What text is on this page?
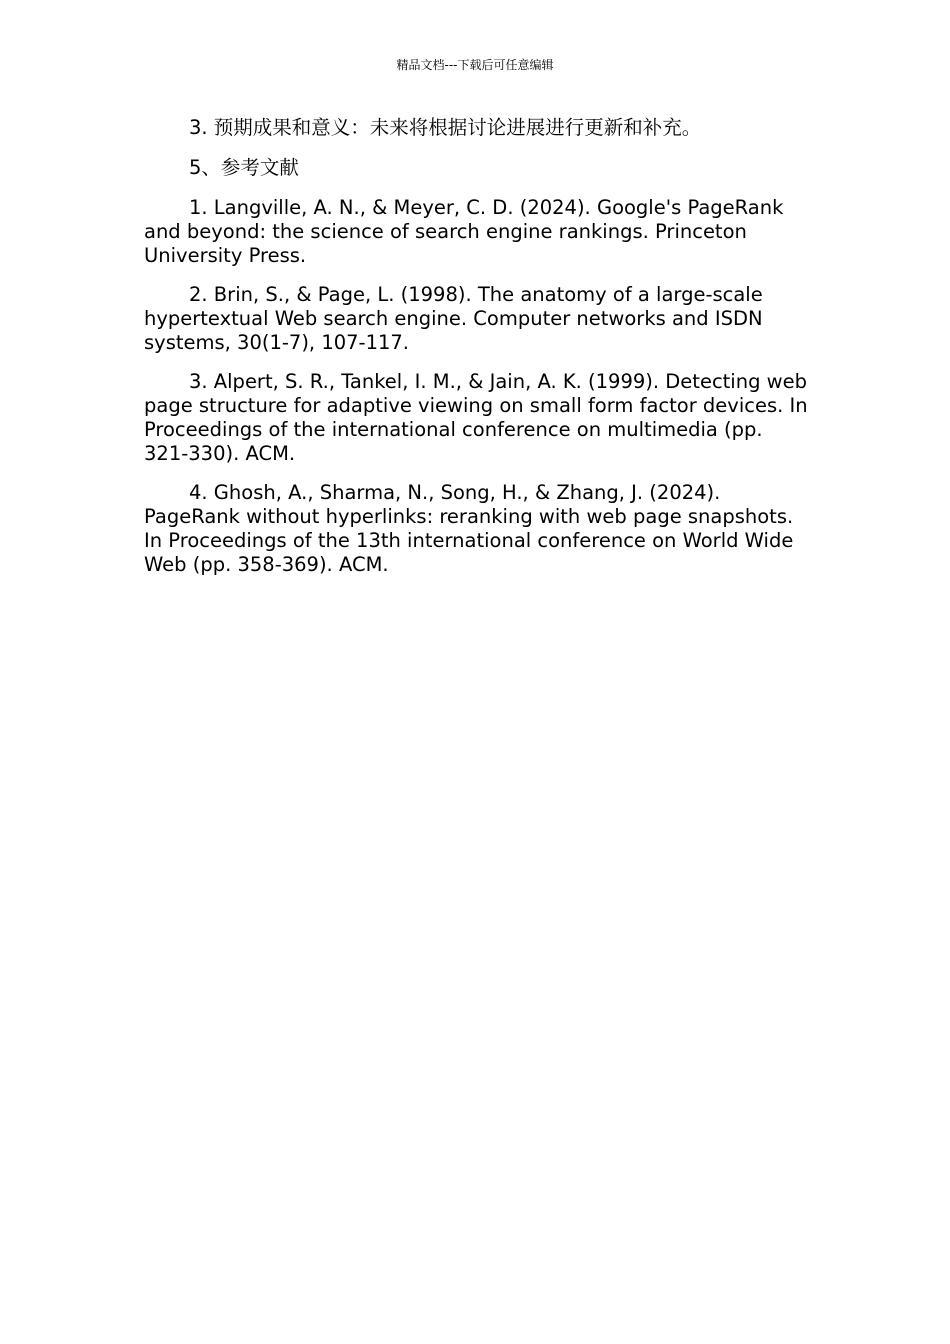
精品文档---下载后可任意编辑

3. 预期成果和意义：未来将根据讨论进展进行更新和补充。

5、参考文献

1. Langville, A. N., & Meyer, C. D. (2024). Google's PageRank and beyond: the science of search engine rankings. Princeton University Press.

2. Brin, S., & Page, L. (1998). The anatomy of a large-scale hypertextual Web search engine. Computer networks and ISDN systems, 30(1-7), 107-117.

3. Alpert, S. R., Tankel, I. M., & Jain, A. K. (1999). Detecting web page structure for adaptive viewing on small form factor devices. In Proceedings of the international conference on multimedia (pp. 321-330). ACM.

4. Ghosh, A., Sharma, N., Song, H., & Zhang, J. (2024). PageRank without hyperlinks: reranking with web page snapshots. In Proceedings of the 13th international conference on World Wide Web (pp. 358-369). ACM.
